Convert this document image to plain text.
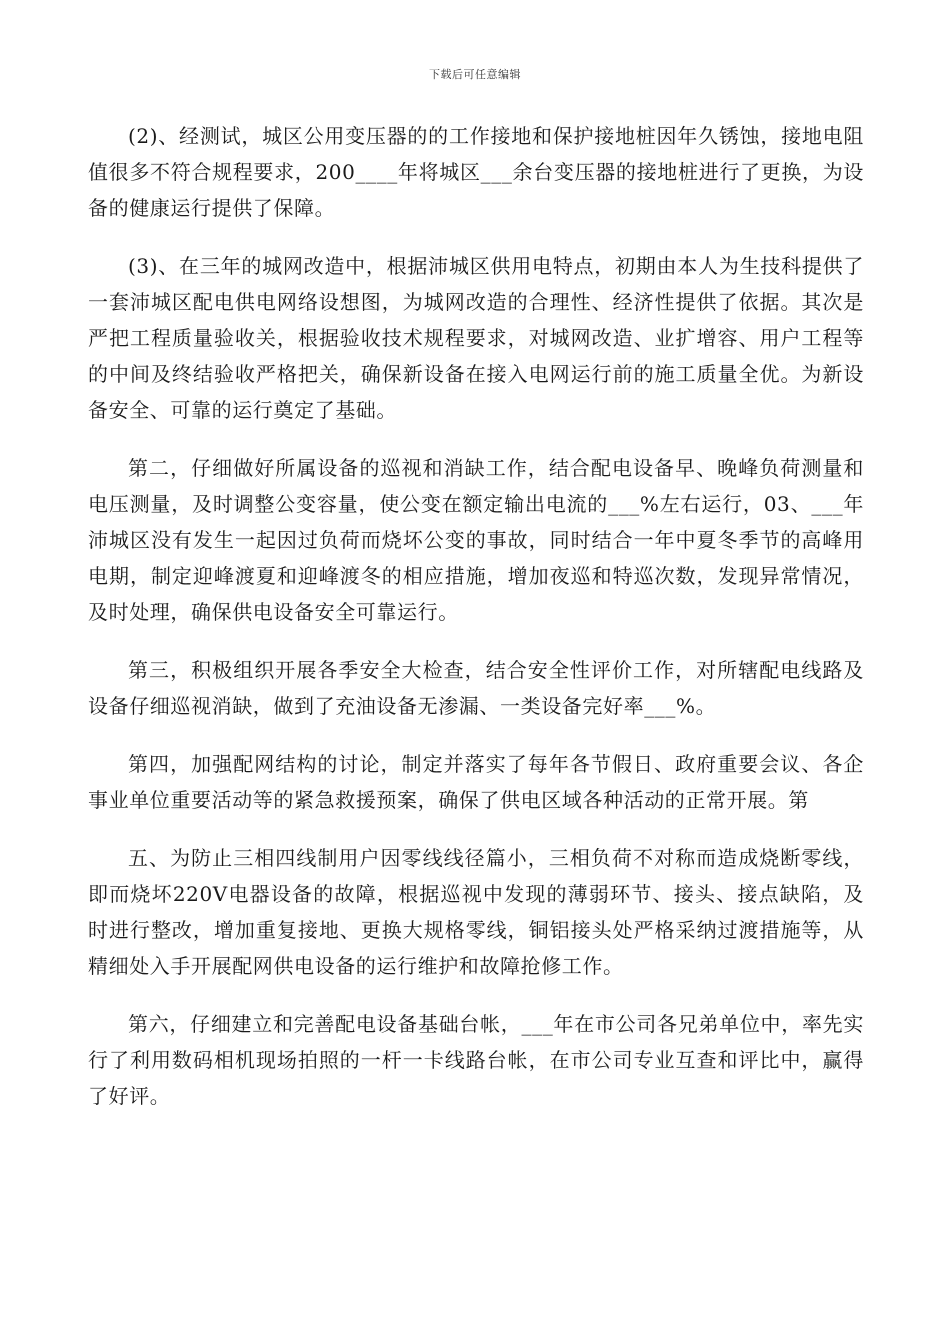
下载后可任意编辑

(2)、经测试，城区公用变压器的的工作接地和保护接地桩因年久锈蚀，接地电阻值很多不符合规程要求，200____年将城区___余台变压器的接地桩进行了更换，为设备的健康运行提供了保障。

(3)、在三年的城网改造中，根据沛城区供用电特点，初期由本人为生技科提供了一套沛城区配电供电网络设想图，为城网改造的合理性、经济性提供了依据。其次是严把工程质量验收关，根据验收技术规程要求，对城网改造、业扩增容、用户工程等的中间及终结验收严格把关，确保新设备在接入电网运行前的施工质量全优。为新设备安全、可靠的运行奠定了基础。

第二，仔细做好所属设备的巡视和消缺工作，结合配电设备早、晚峰负荷测量和电压测量，及时调整公变容量，使公变在额定输出电流的___%左右运行，03、___年沛城区没有发生一起因过负荷而烧坏公变的事故，同时结合一年中夏冬季节的高峰用电期，制定迎峰渡夏和迎峰渡冬的相应措施，增加夜巡和特巡次数，发现异常情况，及时处理，确保供电设备安全可靠运行。

第三，积极组织开展各季安全大检查，结合安全性评价工作，对所辖配电线路及设备仔细巡视消缺，做到了充油设备无渗漏、一类设备完好率___%。

第四，加强配网结构的讨论，制定并落实了每年各节假日、政府重要会议、各企事业单位重要活动等的紧急救援预案，确保了供电区域各种活动的正常开展。第

五、为防止三相四线制用户因零线线径篇小，三相负荷不对称而造成烧断零线，即而烧坏220V电器设备的故障，根据巡视中发现的薄弱环节、接头、接点缺陷，及时进行整改，增加重复接地、更换大规格零线，铜铝接头处严格采纳过渡措施等，从精细处入手开展配网供电设备的运行维护和故障抢修工作。

第六，仔细建立和完善配电设备基础台帐，___年在市公司各兄弟单位中，率先实行了利用数码相机现场拍照的一杆一卡线路台帐，在市公司专业互查和评比中，赢得了好评。
